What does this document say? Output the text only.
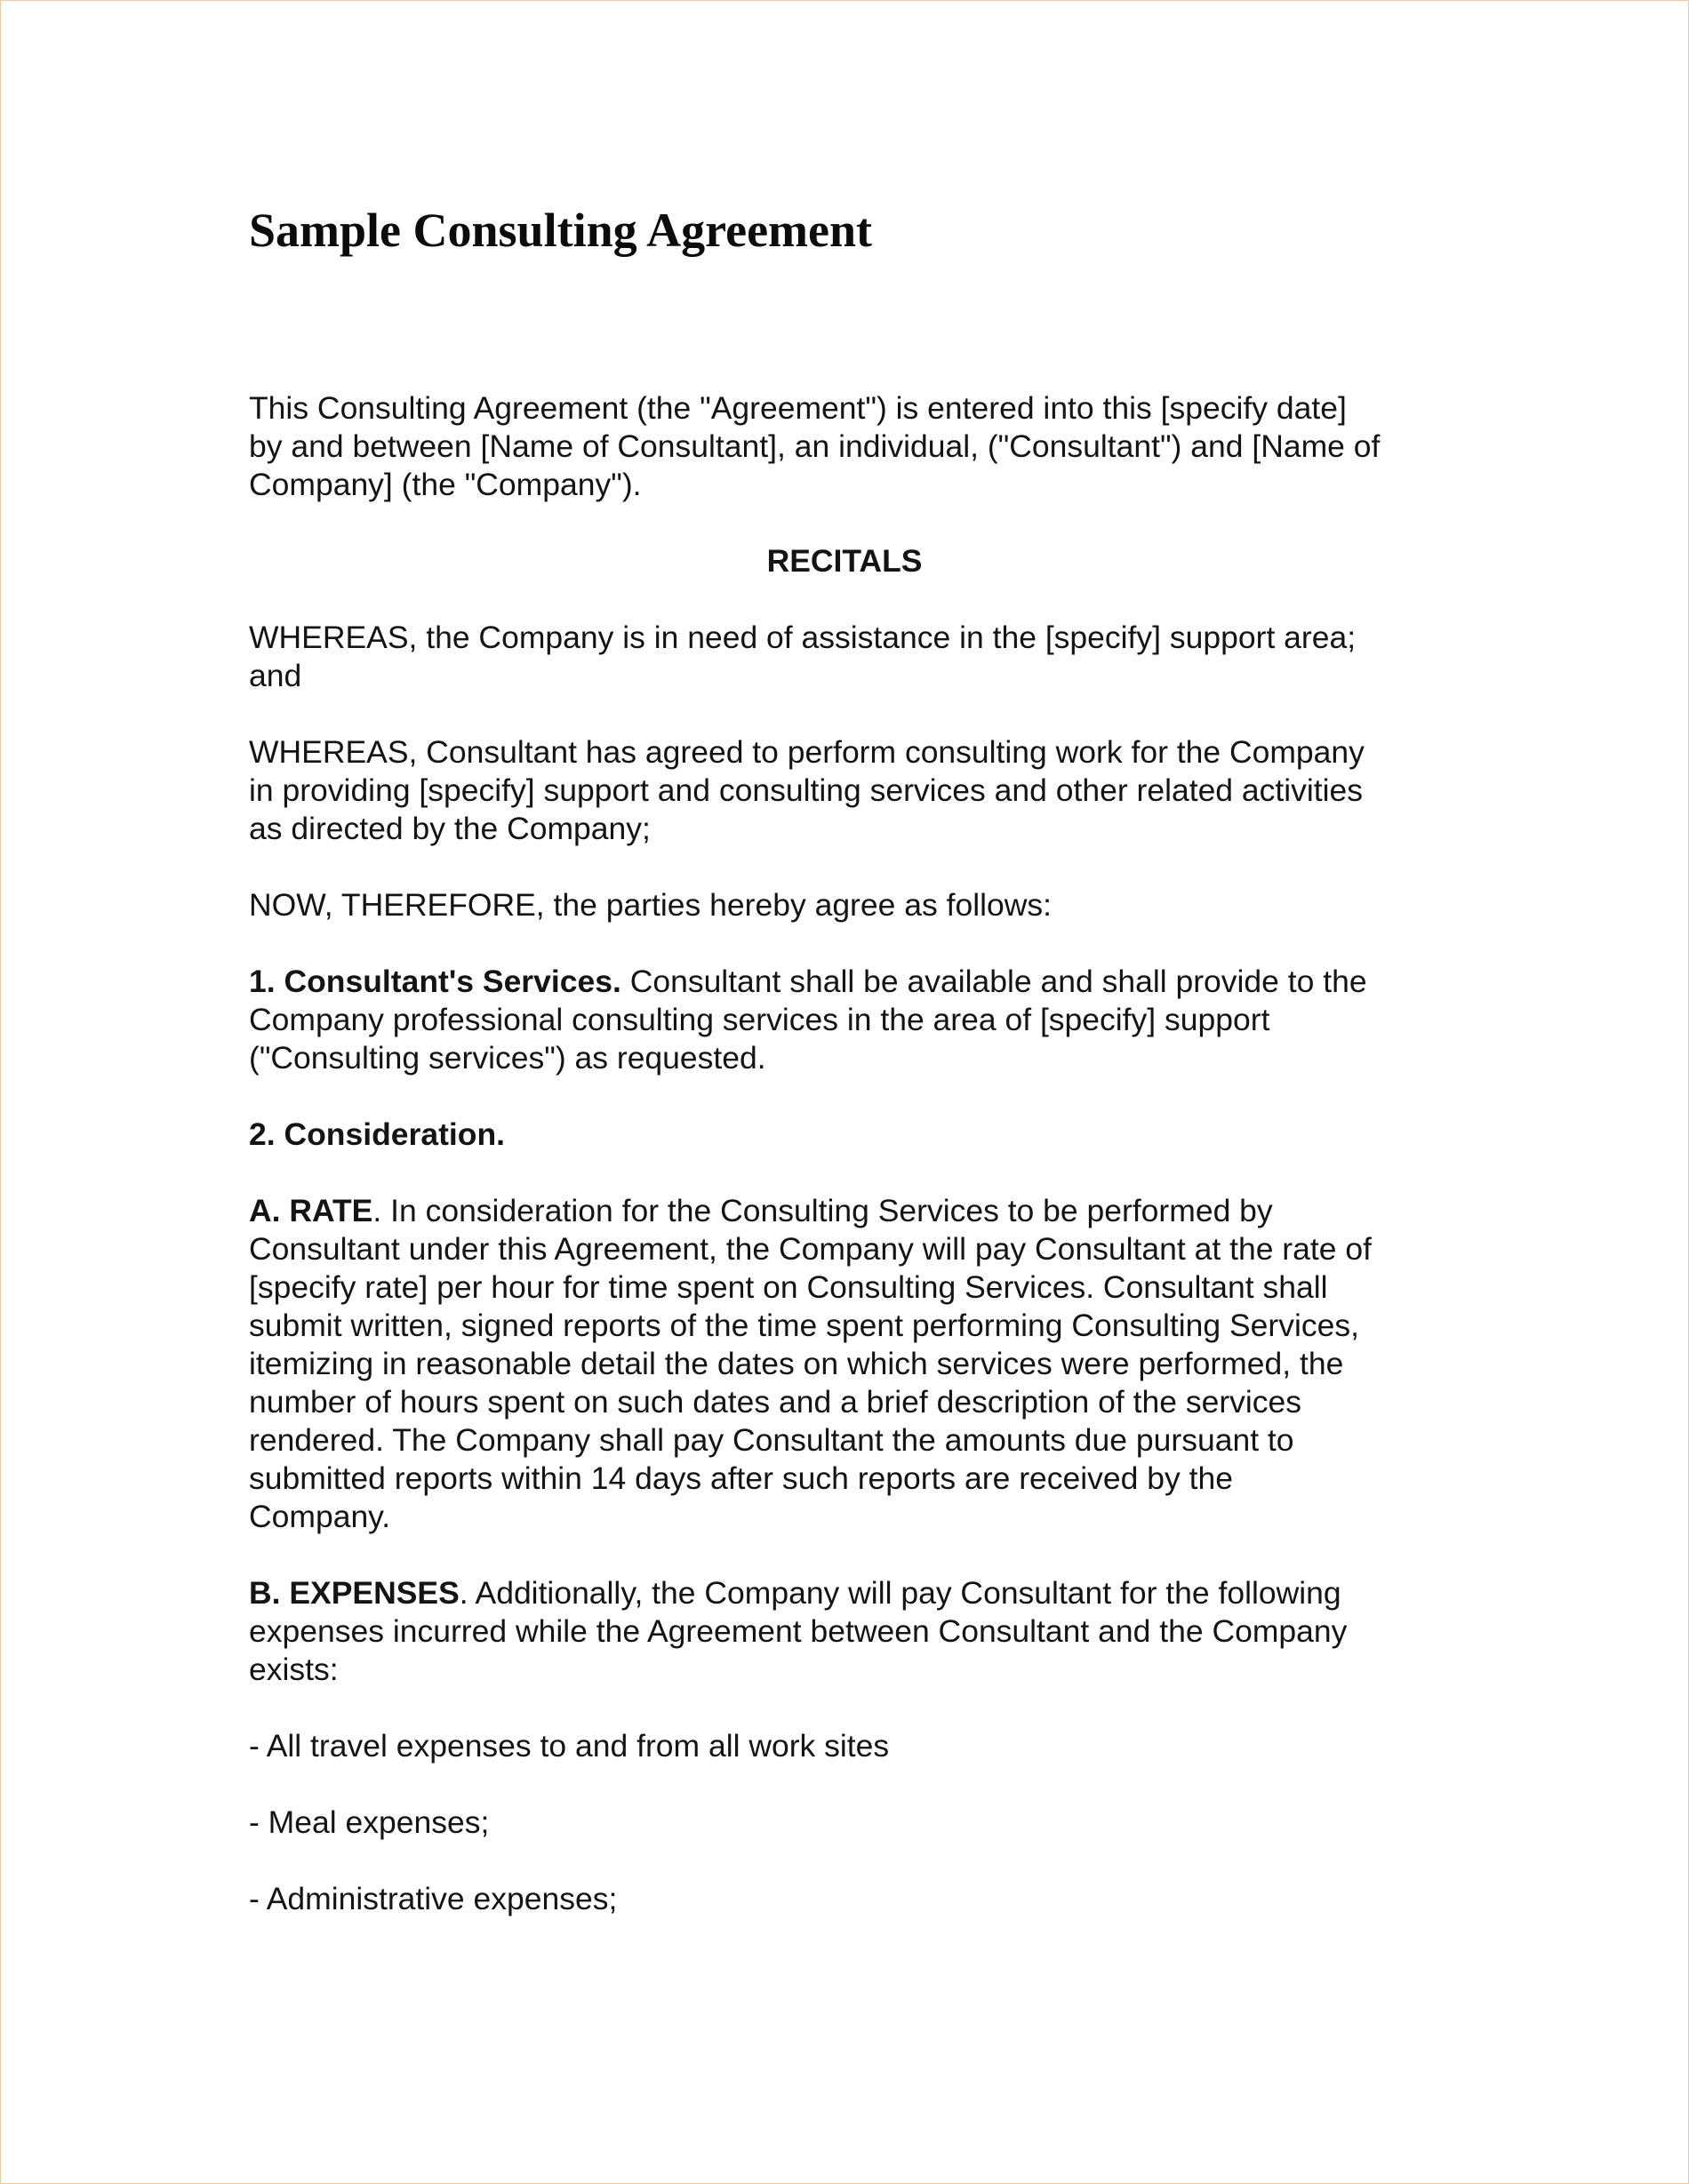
Sample Consulting Agreement

This Consulting Agreement (the "Agreement") is entered into this [specify date]
by and between [Name of Consultant], an individual, ("Consultant") and [Name of
Company] (the "Company").

RECITALS

WHEREAS, the Company is in need of assistance in the [specify] support area;
and

WHEREAS, Consultant has agreed to perform consulting work for the Company
in providing [specify] support and consulting services and other related activities
as directed by the Company;

NOW, THEREFORE, the parties hereby agree as follows:

1. Consultant's Services. Consultant shall be available and shall provide to the
Company professional consulting services in the area of [specify] support
("Consulting services") as requested.

2. Consideration.

A. RATE. In consideration for the Consulting Services to be performed by
Consultant under this Agreement, the Company will pay Consultant at the rate of
[specify rate] per hour for time spent on Consulting Services. Consultant shall
submit written, signed reports of the time spent performing Consulting Services,
itemizing in reasonable detail the dates on which services were performed, the
number of hours spent on such dates and a brief description of the services
rendered. The Company shall pay Consultant the amounts due pursuant to
submitted reports within 14 days after such reports are received by the
Company.

B. EXPENSES. Additionally, the Company will pay Consultant for the following
expenses incurred while the Agreement between Consultant and the Company
exists:

- All travel expenses to and from all work sites

- Meal expenses;

- Administrative expenses;
